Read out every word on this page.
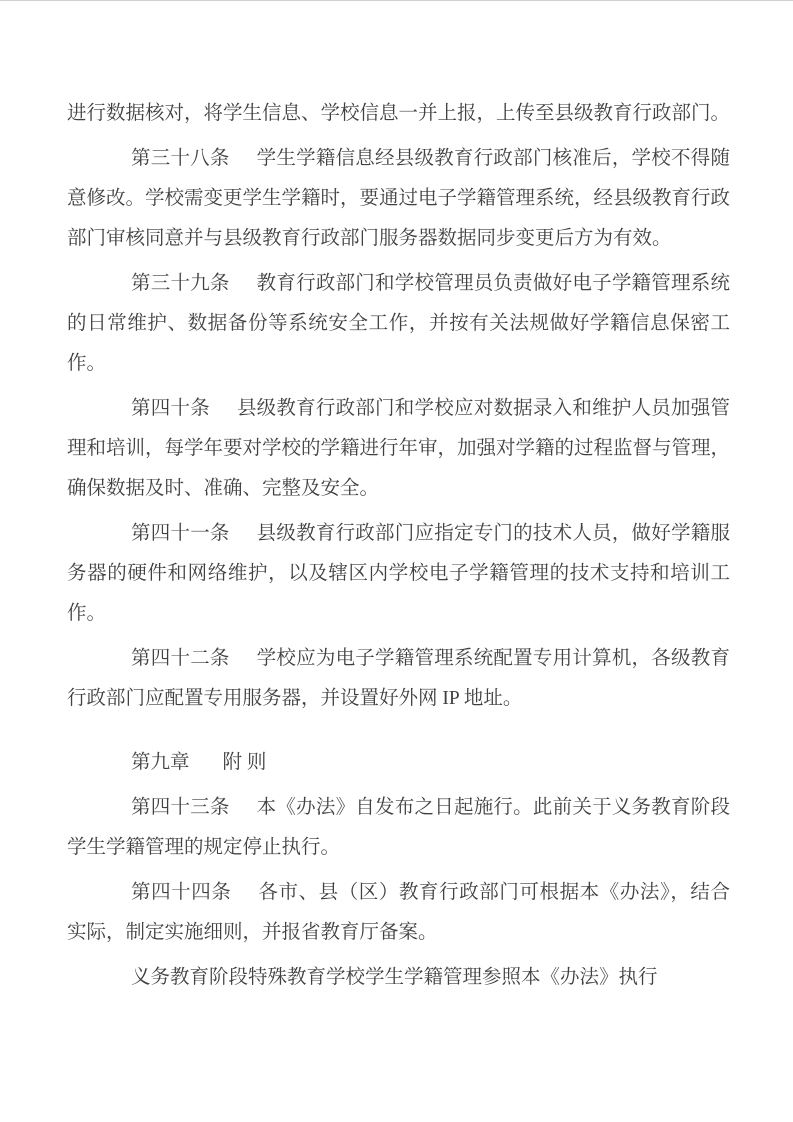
进行数据核对，将学生信息、学校信息一并上报，上传至县级教育行政部门。

第三十八条 学生学籍信息经县级教育行政部门核准后，学校不得随意修改。学校需变更学生学籍时，要通过电子学籍管理系统，经县级教育行政部门审核同意并与县级教育行政部门服务器数据同步变更后方为有效。

第三十九条 教育行政部门和学校管理员负责做好电子学籍管理系统的日常维护、数据备份等系统安全工作，并按有关法规做好学籍信息保密工作。

第四十条 县级教育行政部门和学校应对数据录入和维护人员加强管理和培训，每学年要对学校的学籍进行年审，加强对学籍的过程监督与管理，确保数据及时、准确、完整及安全。

第四十一条 县级教育行政部门应指定专门的技术人员，做好学籍服务器的硬件和网络维护，以及辖区内学校电子学籍管理的技术支持和培训工作。

第四十二条 学校应为电子学籍管理系统配置专用计算机，各级教育行政部门应配置专用服务器，并设置好外网 IP 地址。

第九章 附 则

第四十三条 本《办法》自发布之日起施行。此前关于义务教育阶段学生学籍管理的规定停止执行。

第四十四条 各市、县（区）教育行政部门可根据本《办法》，结合实际，制定实施细则，并报省教育厅备案。

义务教育阶段特殊教育学校学生学籍管理参照本《办法》执行
